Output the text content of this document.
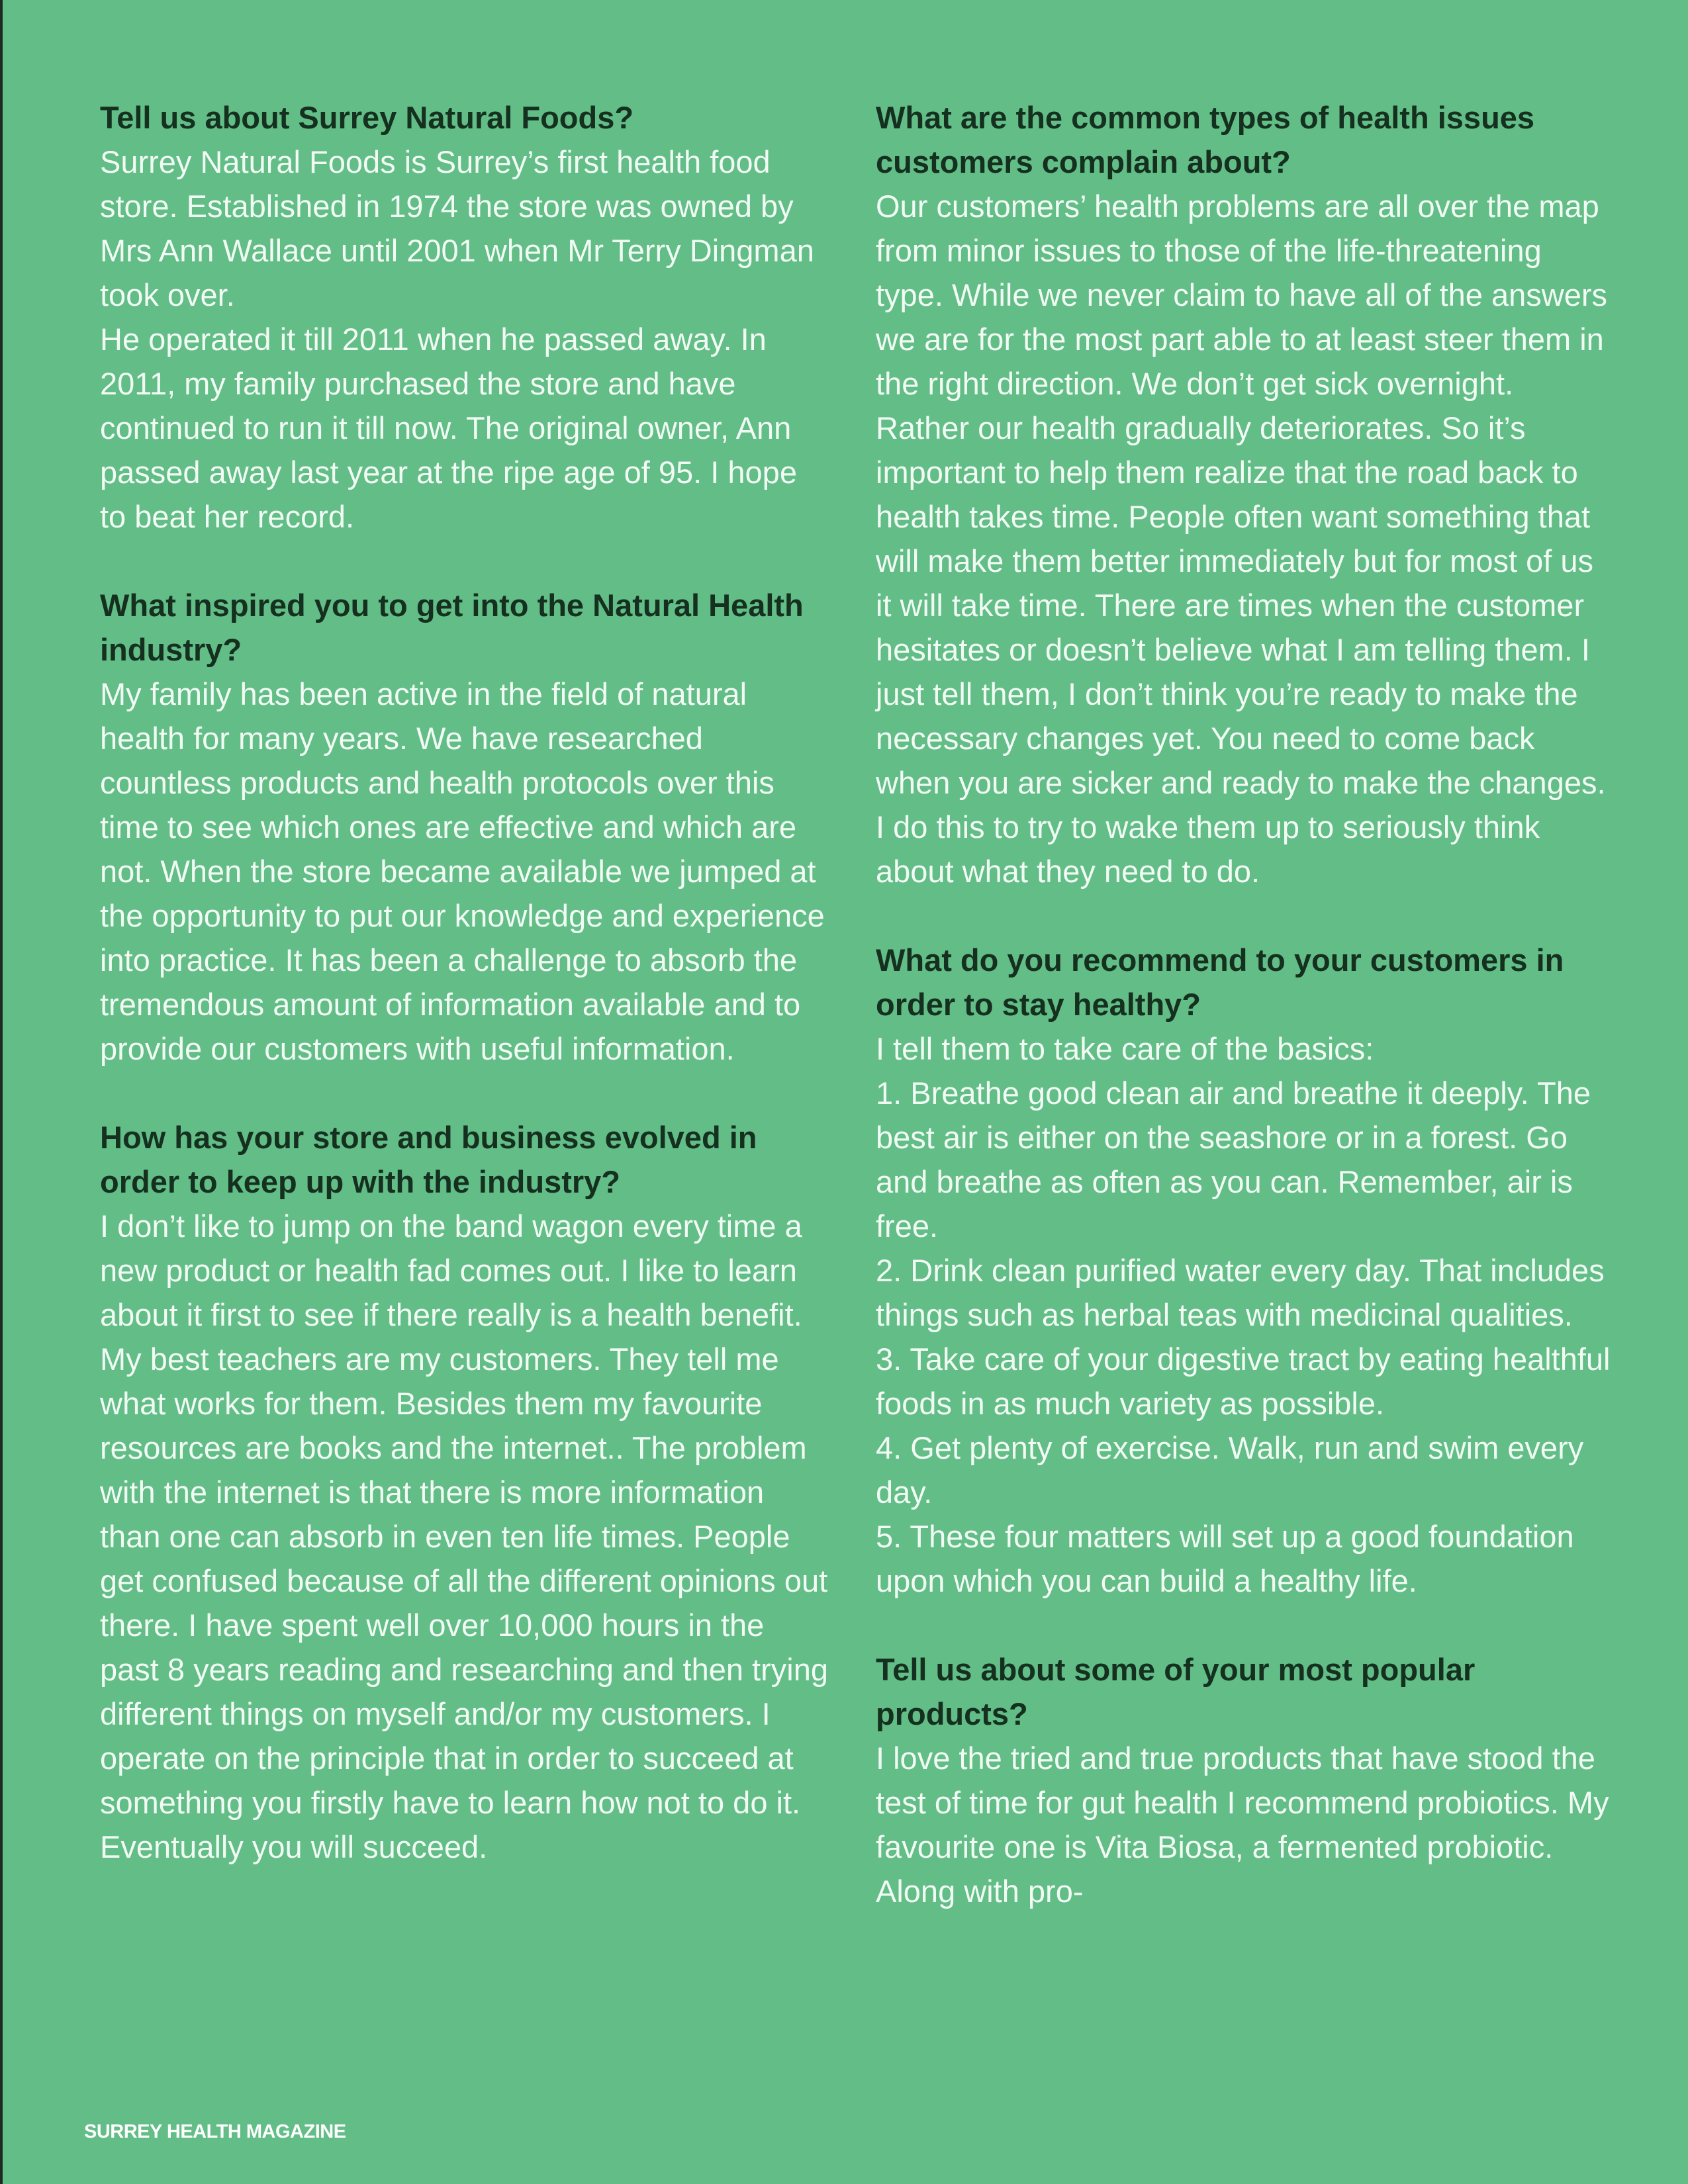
Tell us about Surrey Natural Foods?

Surrey Natural Foods is Surrey’s first health food store. Established in 1974 the store was owned by Mrs Ann Wallace until 2001 when Mr Terry Dingman took over.

He operated it till 2011 when he passed away. In 2011, my family purchased the store and have continued to run it till now. The original owner, Ann passed away last year at the ripe age of 95. I hope to beat her record.

What inspired you to get into the Natural Health industry?

My family has been active in the field of natural health for many years. We have researched countless products and health protocols over this time to see which ones are effective and which are not. When the store became available we jumped at the opportunity to put our knowledge and experience into practice. It has been a challenge to absorb the tremendous amount of information available and to provide our customers with useful information.

How has your store and business evolved in order to keep up with the industry?

I don’t like to jump on the band wagon every time a new product or health fad comes out. I like to learn about it first to see if there really is a health benefit. My best teachers are my customers. They tell me what works for them. Besides them my favourite resources are books and the internet.. The problem with the internet is that there is more information than one can absorb in even ten life times. People get confused because of all the different opinions out there. I have spent well over 10,000 hours in the past 8 years reading and researching and then trying different things on myself and/or my customers. I operate on the principle that in order to succeed at something you firstly have to learn how not to do it. Eventually you will succeed.

What are the common types of health issues customers complain about?

Our customers’ health problems are all over the map from minor issues to those of the life-threatening type. While we never claim to have all of the answers we are for the most part able to at least steer them in the right direction. We don’t get sick overnight. Rather our health gradually deteriorates. So it’s important to help them realize that the road back to health takes time. People often want something that will make them better immediately but for most of us it will take time. There are times when the customer hesitates or doesn’t believe what I am telling them. I just tell them, I don’t think you’re ready to make the necessary changes yet. You need to come back when you are sicker and ready to make the changes. I do this to try to wake them up to seriously think about what they need to do.

What do you recommend to your customers in order to stay healthy?

I tell them to take care of the basics:

1. Breathe good clean air and breathe it deeply. The best air is either on the seashore or in a forest. Go and breathe as often as you can. Remember, air is free.

2. Drink clean purified water every day. That includes things such as herbal teas with medicinal qualities.

3. Take care of your digestive tract by eating healthful foods in as much variety as possible.

4. Get plenty of exercise. Walk, run and swim every day.

5. These four matters will set up a good foundation upon which you can build a healthy life.

Tell us about some of your most popular products?

I love the tried and true products that have stood the test of time for gut health I recommend probiotics. My favourite one is Vita Biosa, a fermented probiotic. Along with pro-

SURREY HEALTH MAGAZINE
